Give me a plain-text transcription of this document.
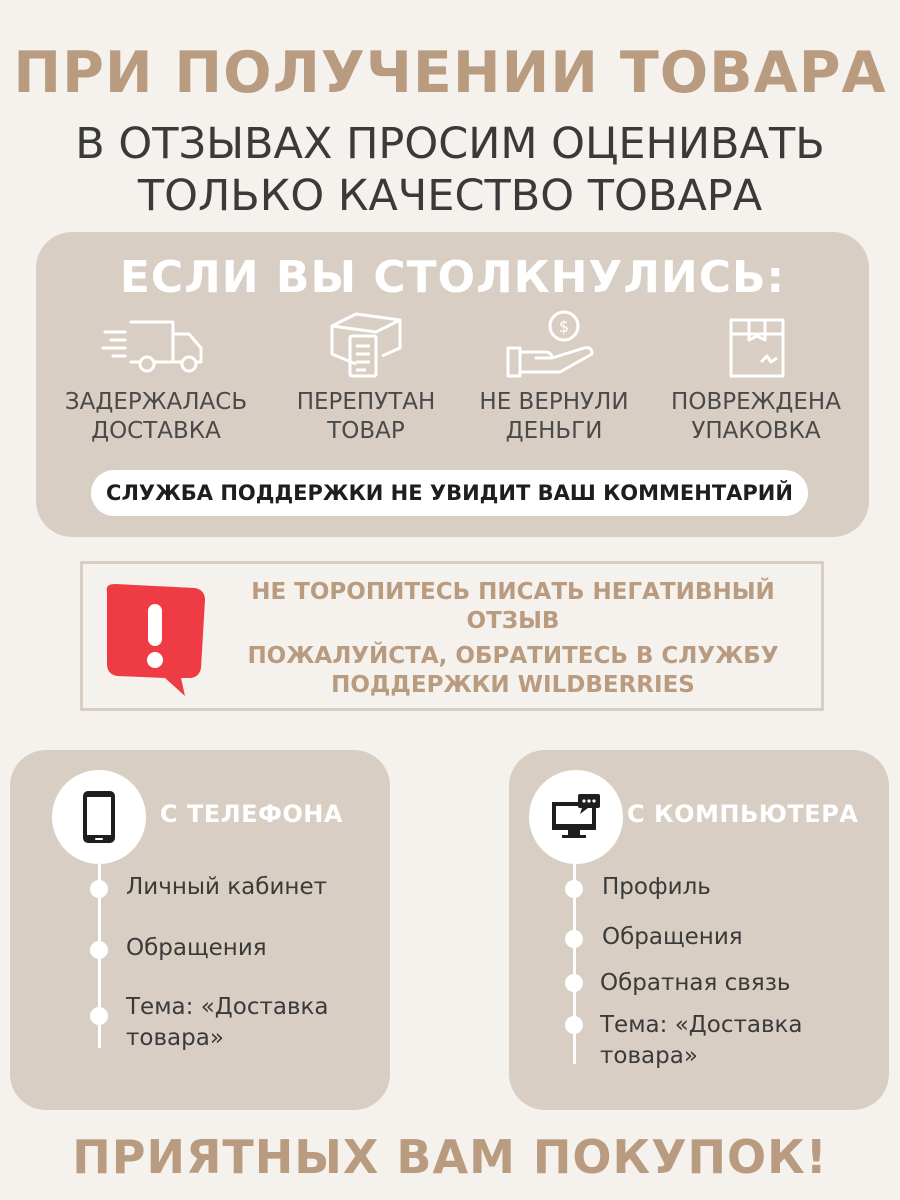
ПРИ ПОЛУЧЕНИИ ТОВАРА
В ОТЗЫВАХ ПРОСИМ ОЦЕНИВАТЬ
ТОЛЬКО КАЧЕСТВО ТОВАРА
ЕСЛИ ВЫ СТОЛКНУЛИСЬ:
ЗАДЕРЖАЛАСЬ
ДОСТАВКА
ПЕРЕПУТАН
ТОВАР
$
НЕ ВЕРНУЛИ
ДЕНЬГИ
ПОВРЕЖДЕНА
УПАКОВКА
СЛУЖБА ПОДДЕРЖКИ НЕ УВИДИТ ВАШ КОММЕНТАРИЙ
НЕ ТОРОПИТЕСЬ ПИСАТЬ НЕГАТИВНЫЙ
ОТЗЫВ
ПОЖАЛУЙСТА, ОБРАТИТЕСЬ В СЛУЖБУ
ПОДДЕРЖКИ WILDBERRIES
С ТЕЛЕФОНА
Личный кабинет
Обращения
Тема: «Доставка
товара»
С КОМПЬЮТЕРА
Профиль
Обращения
Обратная связь
Тема: «Доставка
товара»
ПРИЯТНЫХ ВАМ ПОКУПОК!
